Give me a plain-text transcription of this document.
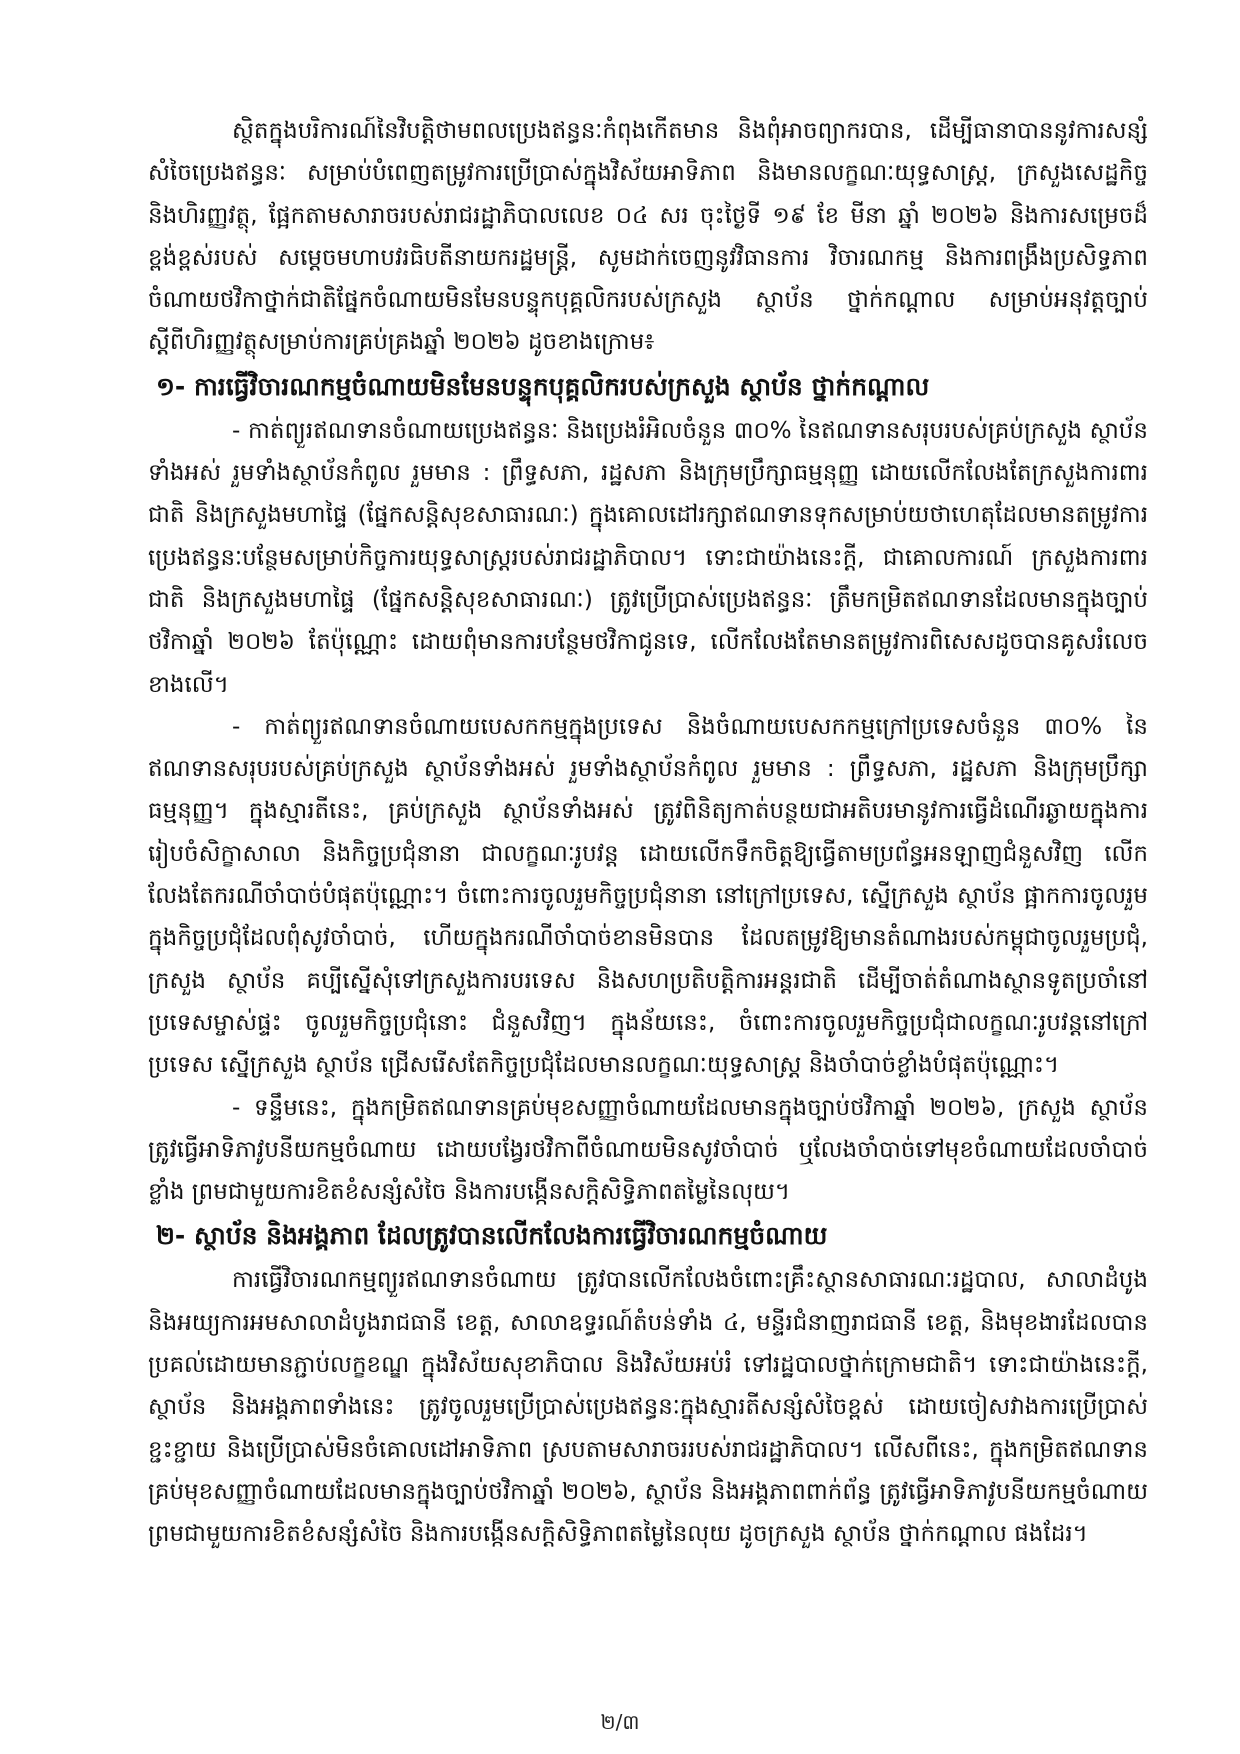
ស្ថិតក្នុងបរិការណ៍នៃវិបត្តិថាមពលប្រេងឥន្ធនៈកំពុងកើតមាន និងពុំអាចព្យាករបាន, ដើម្បីធានាបាននូវការសន្សំសំចៃប្រេងឥន្ធនៈ សម្រាប់បំពេញតម្រូវការប្រើប្រាស់ក្នុងវិស័យអាទិភាព និងមានលក្ខណៈយុទ្ធសាស្ត្រ, ក្រសួងសេដ្ឋកិច្ចនិងហិរញ្ញវត្ថុ, ផ្អែកតាមសារាចរបស់រាជរដ្ឋាភិបាលលេខ ០៤ សរ ចុះថ្ងៃទី ១៩ ខែ មីនា ឆ្នាំ ២០២៦ និងការសម្រេចដ៏ខ្ពង់ខ្ពស់របស់ សម្តេចមហាបវរធិបតីនាយករដ្ឋមន្ត្រី, សូមដាក់ចេញនូវវិធានការ វិចារណកម្ម និងការពង្រឹងប្រសិទ្ធភាពចំណាយថវិកាថ្នាក់ជាតិផ្នែកចំណាយមិនមែនបន្ទុកបុគ្គលិករបស់ក្រសួង ស្ថាប័ន ថ្នាក់កណ្តាល សម្រាប់អនុវត្តច្បាប់ស្តីពីហិរញ្ញវត្ថុសម្រាប់ការគ្រប់គ្រងឆ្នាំ ២០២៦ ដូចខាងក្រោម៖

១- ការធ្វើវិចារណកម្មចំណាយមិនមែនបន្ទុកបុគ្គលិករបស់ក្រសួង ស្ថាប័ន ថ្នាក់កណ្តាល

- កាត់ព្យួរឥណទានចំណាយប្រេងឥន្ធនៈ និងប្រេងរំអិលចំនួន ៣០% នៃឥណទានសរុបរបស់គ្រប់ក្រសួង ស្ថាប័នទាំងអស់ រួមទាំងស្ថាប័នកំពូល រួមមាន : ព្រឹទ្ធសភា, រដ្ឋសភា និងក្រុមប្រឹក្សាធម្មនុញ្ញ ដោយលើកលែងតែក្រសួងការពារជាតិ និងក្រសួងមហាផ្ទៃ (ផ្នែកសន្តិសុខសាធារណៈ) ក្នុងគោលដៅរក្សាឥណទានទុកសម្រាប់យថាហេតុដែលមានតម្រូវការប្រេងឥន្ធនៈបន្ថែមសម្រាប់កិច្ចការយុទ្ធសាស្ត្ររបស់រាជរដ្ឋាភិបាល។ ទោះជាយ៉ាងនេះក្តី, ជាគោលការណ៍ ក្រសួងការពារជាតិ និងក្រសួងមហាផ្ទៃ (ផ្នែកសន្តិសុខសាធារណៈ) ត្រូវប្រើប្រាស់ប្រេងឥន្ធនៈ ត្រឹមកម្រិតឥណទានដែលមានក្នុងច្បាប់ថវិកាឆ្នាំ ២០២៦ តែប៉ុណ្ណោះ ដោយពុំមានការបន្ថែមថវិកាជូនទេ, លើកលែងតែមានតម្រូវការពិសេសដូចបានគូសរំលេចខាងលើ។

- កាត់ព្យួរឥណទានចំណាយបេសកកម្មក្នុងប្រទេស និងចំណាយបេសកកម្មក្រៅប្រទេសចំនួន ៣០% នៃឥណទានសរុបរបស់គ្រប់ក្រសួង ស្ថាប័នទាំងអស់ រួមទាំងស្ថាប័នកំពូល រួមមាន : ព្រឹទ្ធសភា, រដ្ឋសភា និងក្រុមប្រឹក្សាធម្មនុញ្ញ។ ក្នុងស្មារតីនេះ, គ្រប់ក្រសួង ស្ថាប័នទាំងអស់ ត្រូវពិនិត្យកាត់បន្ថយជាអតិបរមានូវការធ្វើដំណើរឆ្ងាយក្នុងការរៀបចំសិក្ខាសាលា និងកិច្ចប្រជុំនានា ជាលក្ខណៈរូបវន្ត ដោយលើកទឹកចិត្តឱ្យធ្វើតាមប្រព័ន្ធអនឡាញជំនួសវិញ លើកលែងតែករណីចាំបាច់បំផុតប៉ុណ្ណោះ។ ចំពោះការចូលរួមកិច្ចប្រជុំនានា នៅក្រៅប្រទេស, ស្នើក្រសួង ស្ថាប័ន ផ្អាកការចូលរួមក្នុងកិច្ចប្រជុំដែលពុំសូវចាំបាច់, ហើយក្នុងករណីចាំបាច់ខានមិនបាន ដែលតម្រូវឱ្យមានតំណាងរបស់កម្ពុជាចូលរួមប្រជុំ, ក្រសួង ស្ថាប័ន គប្បីស្នើសុំទៅក្រសួងការបរទេស និងសហប្រតិបត្តិការអន្តរជាតិ ដើម្បីចាត់តំណាងស្ថានទូតប្រចាំនៅប្រទេសម្ចាស់ផ្ទះ ចូលរួមកិច្ចប្រជុំនោះ ជំនួសវិញ។ ក្នុងន័យនេះ, ចំពោះការចូលរួមកិច្ចប្រជុំជាលក្ខណៈរូបវន្តនៅក្រៅប្រទេស ស្នើក្រសួង ស្ថាប័ន ជ្រើសរើសតែកិច្ចប្រជុំដែលមានលក្ខណៈយុទ្ធសាស្ត្រ និងចាំបាច់ខ្លាំងបំផុតប៉ុណ្ណោះ។

- ទន្ទឹមនេះ, ក្នុងកម្រិតឥណទានគ្រប់មុខសញ្ញាចំណាយដែលមានក្នុងច្បាប់ថវិកាឆ្នាំ ២០២៦, ក្រសួង ស្ថាប័ន ត្រូវធ្វើអាទិភាវូបនីយកម្មចំណាយ ដោយបង្វែរថវិកាពីចំណាយមិនសូវចាំបាច់ ឬលែងចាំបាច់ទៅមុខចំណាយដែលចាំបាច់ខ្លាំង ព្រមជាមួយការខិតខំសន្សំសំចៃ និងការបង្កើនសក្តិសិទ្ធិភាពតម្លៃនៃលុយ។

២- ស្ថាប័ន និងអង្គភាព ដែលត្រូវបានលើកលែងការធ្វើវិចារណកម្មចំណាយ

ការធ្វើវិចារណកម្មព្យួរឥណទានចំណាយ ត្រូវបានលើកលែងចំពោះគ្រឹះស្ថានសាធារណៈរដ្ឋបាល, សាលាដំបូង និងអយ្យការអមសាលាដំបូងរាជធានី ខេត្ត, សាលាឧទ្ធរណ៍តំបន់ទាំង ៤, មន្ទីរជំនាញរាជធានី ខេត្ត, និងមុខងារដែលបានប្រគល់ដោយមានភ្ជាប់លក្ខខណ្ឌ ក្នុងវិស័យសុខាភិបាល និងវិស័យអប់រំ ទៅរដ្ឋបាលថ្នាក់ក្រោមជាតិ។ ទោះជាយ៉ាងនេះក្តី, ស្ថាប័ន និងអង្គភាពទាំងនេះ ត្រូវចូលរួមប្រើប្រាស់ប្រេងឥន្ធនៈក្នុងស្មារតីសន្សំសំចៃខ្ពស់ ដោយចៀសវាងការប្រើប្រាស់ខ្ជះខ្ជាយ និងប្រើប្រាស់មិនចំគោលដៅអាទិភាព ស្របតាមសារាចររបស់រាជរដ្ឋាភិបាល។ លើសពីនេះ, ក្នុងកម្រិតឥណទានគ្រប់មុខសញ្ញាចំណាយដែលមានក្នុងច្បាប់ថវិកាឆ្នាំ ២០២៦, ស្ថាប័ន និងអង្គភាពពាក់ព័ន្ធ ត្រូវធ្វើអាទិភាវូបនីយកម្មចំណាយ ព្រមជាមួយការខិតខំសន្សំសំចៃ និងការបង្កើនសក្តិសិទ្ធិភាពតម្លៃនៃលុយ ដូចក្រសួង ស្ថាប័ន ថ្នាក់កណ្តាល ផងដែរ។

២/៣
